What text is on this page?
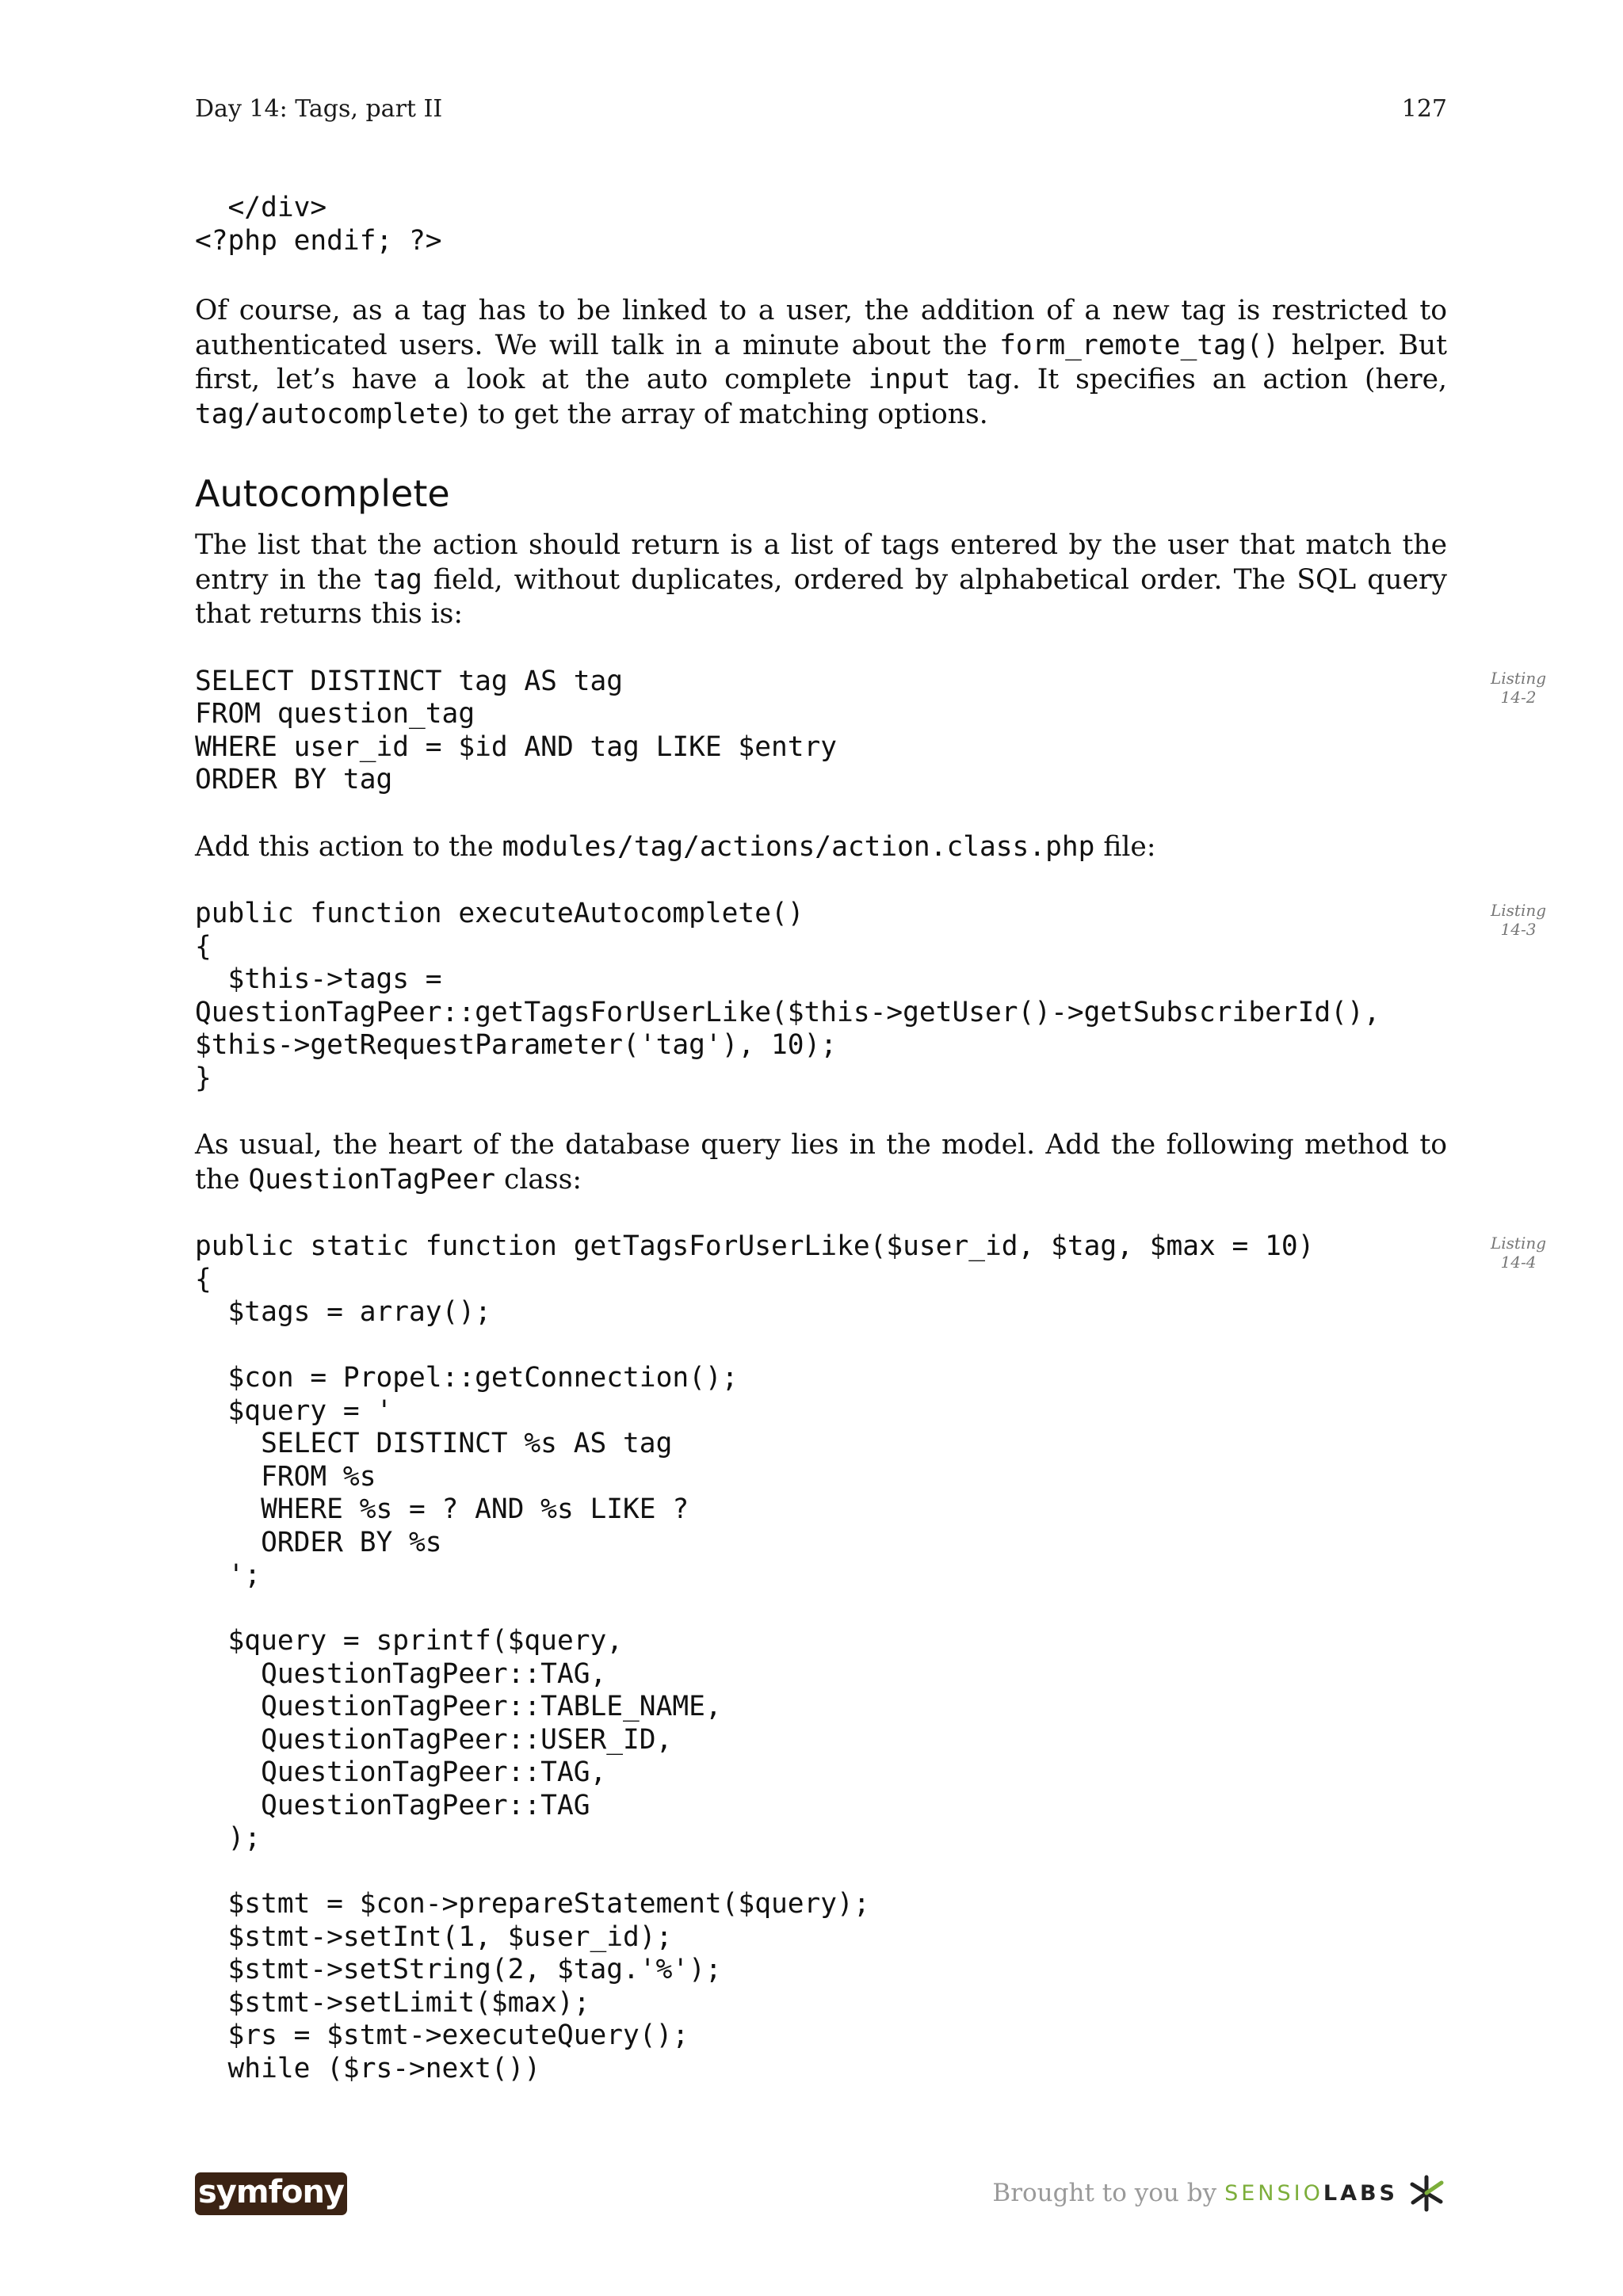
Day 14: Tags, part II	127
</div>
<?php endif; ?>

Of course, as a tag has to be linked to a user, the addition of a new tag is restricted to authenticated users. We will talk in a minute about the form_remote_tag() helper. But first, let’s have a look at the auto complete input tag. It specifies an action (here, tag/autocomplete) to get the array of matching options.

Autocomplete

The list that the action should return is a list of tags entered by the user that match the entry in the tag field, without duplicates, ordered by alphabetical order. The SQL query that returns this is:

Listing
14-2
SELECT DISTINCT tag AS tag
FROM question_tag
WHERE user_id = $id AND tag LIKE $entry
ORDER BY tag

Add this action to the modules/tag/actions/action.class.php file:

Listing
14-3
public function executeAutocomplete()
{
$this->tags =
QuestionTagPeer::getTagsForUserLike($this->getUser()->getSubscriberId(),
$this->getRequestParameter('tag'), 10);
}

As usual, the heart of the database query lies in the model. Add the following method to the QuestionTagPeer class:

Listing
14-4
public static function getTagsForUserLike($user_id, $tag, $max = 10)
{
$tags = array();
$con = Propel::getConnection();
$query = '
SELECT DISTINCT %s AS tag
FROM %s
WHERE %s = ? AND %s LIKE ?
ORDER BY %s
';
$query = sprintf($query,
QuestionTagPeer::TAG,
QuestionTagPeer::TABLE_NAME,
QuestionTagPeer::USER_ID,
QuestionTagPeer::TAG,
QuestionTagPeer::TAG
);
$stmt = $con->prepareStatement($query);
$stmt->setInt(1, $user_id);
$stmt->setString(2, $tag.'%');
$stmt->setLimit($max);
$rs = $stmt->executeQuery();
while ($rs->next())
symfony	Brought to you by SENSIOLABS
